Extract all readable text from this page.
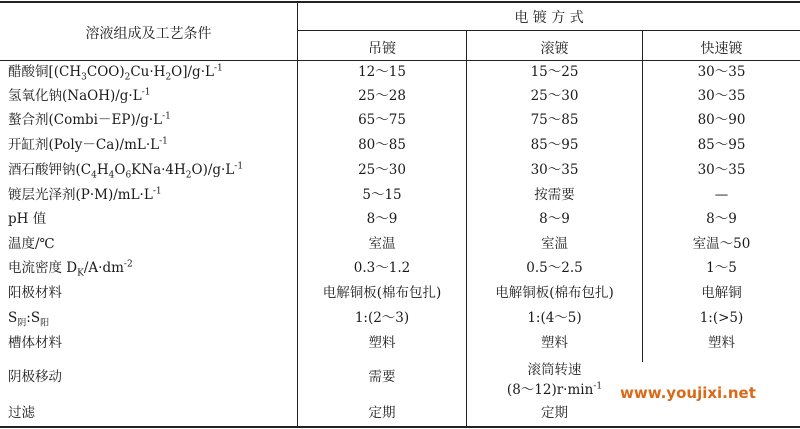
溶液组成及工艺条件
电 镀 方 式
吊镀	滚镀	快速镀
醋酸铜$[(CH_3COO)_2Cu\cdot H_2O]/g\cdot L^{-1}$	12～15	15～25	30～35
氢氧化钠$(NaOH)/g\cdot L^{-1}$	25～28	25～30	30～35
螯合剂$(Combi-EP)/g\cdot L^{-1}$	65～75	75～85	80～90
开缸剂$(Poly-Ca)/mL\cdot L^{-1}$	80～85	85～95	85～95
酒石酸钾钠$(C_4H_4O_6KNa\cdot 4H_2O)/g\cdot L^{-1}$	25～30	30～35	30～35
镀层光泽剂$(P\cdot M)/mL\cdot L^{-1}$	5～15	按需要	—
pH 值	8～9	8～9	8～9
温度/℃	室温	室温	室温～50
电流密度 $D_K/A\cdot dm^{-2}$	0.3～1.2	0.5～2.5	1～5
阳极材料	电解铜板(棉布包扎)	电解铜板(棉布包扎)	电解铜
$S_阴:S_阳$	1:(2～3)	1:(4～5)	1:(>5)
槽体材料	塑料	塑料	塑料
阴极移动	需要	滚筒转速
$(8\sim 12)r\cdot\min^{-1}$
过滤	定期	定期
www.youjixi.net
